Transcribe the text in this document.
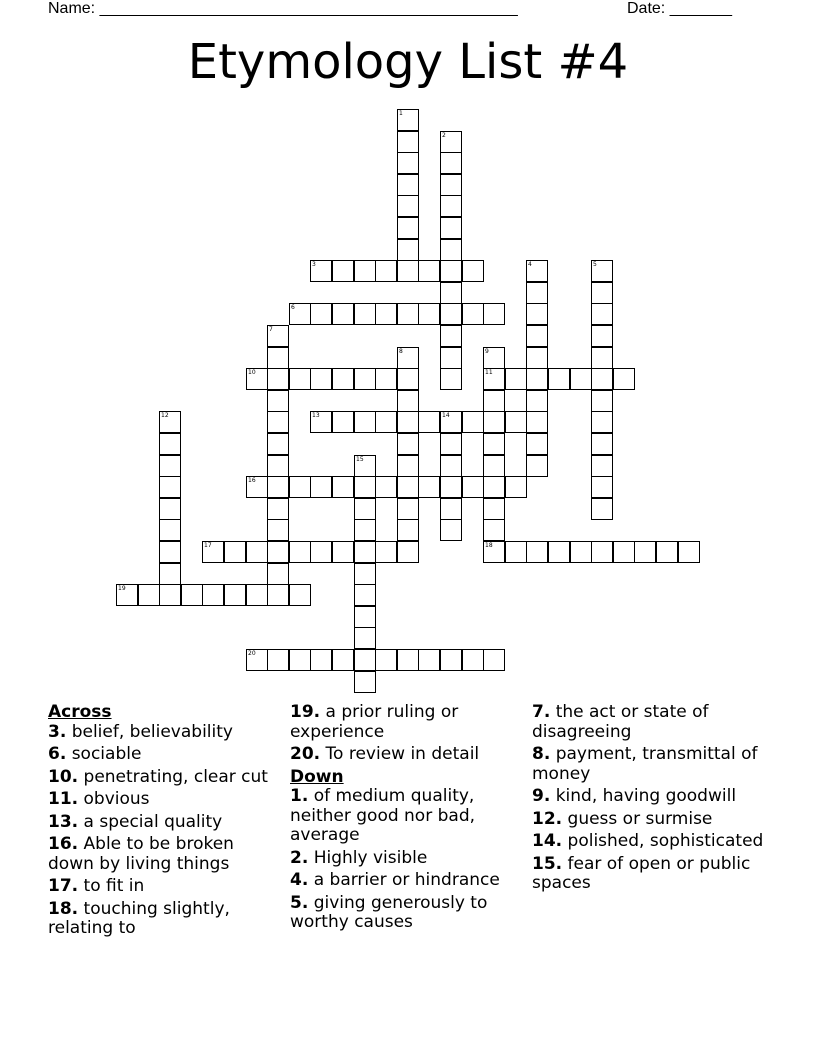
Name: _______________________________________________	Date: _______
Etymology List #4
1
2
3	4	5
6
7
8	9
11
10
12	13	14
15
16
17	18
19
20
Across
3. belief, believability
6. sociable
10. penetrating, clear cut
11. obvious
13. a special quality
16. Able to be broken down by living things
17. to fit in
18. touching slightly, relating to
19. a prior ruling or experience
20. To review in detail
Down
1. of medium quality, neither good nor bad, average
2. Highly visible
4. a barrier or hindrance
5. giving generously to worthy causes
7. the act or state of disagreeing
8. payment, transmittal of money
9. kind, having goodwill
12. guess or surmise
14. polished, sophisticated
15. fear of open or public spaces
